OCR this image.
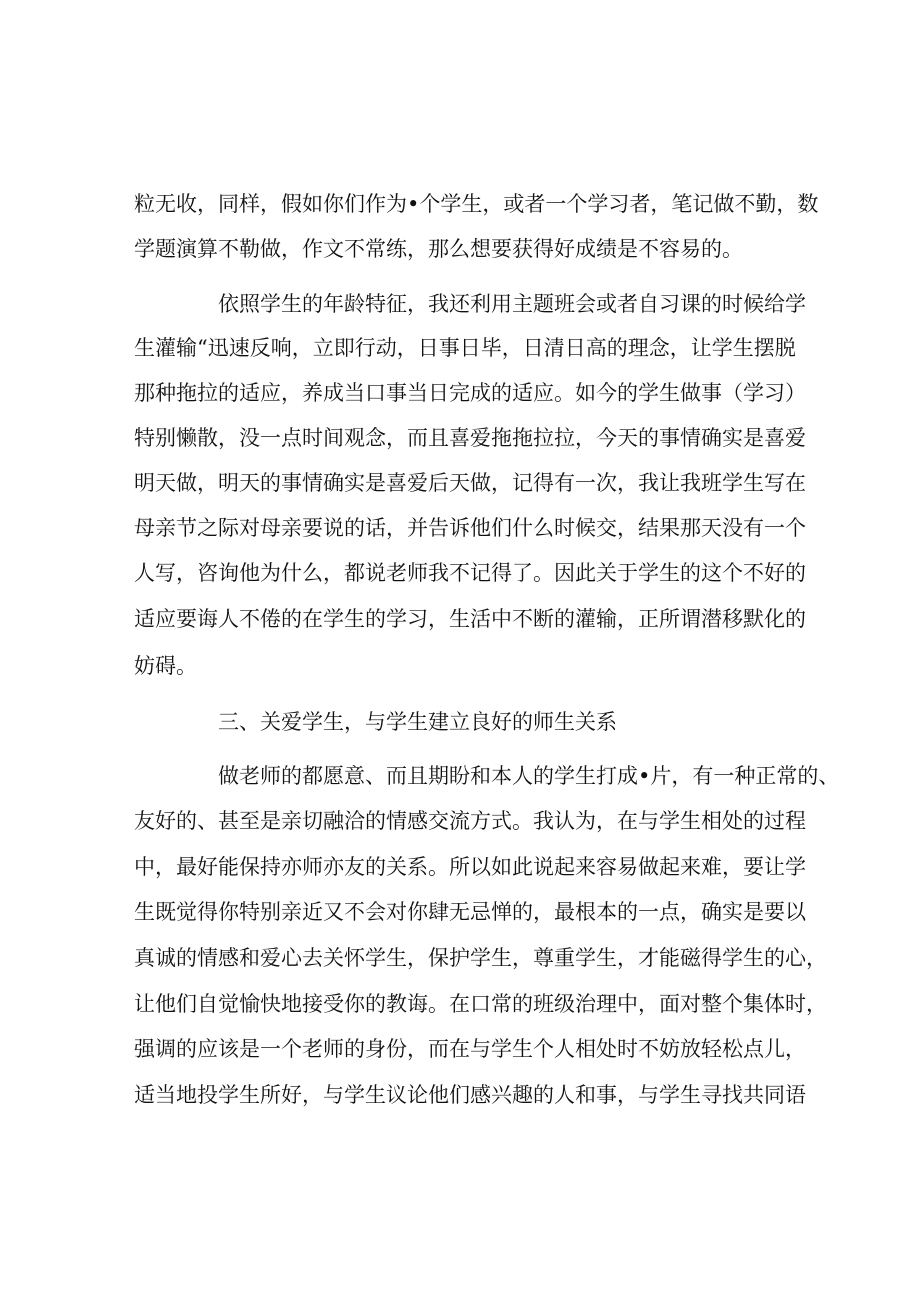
粒无收，同样，假如你们作为•个学生，或者一个学习者，笔记做不勤，数
学题演算不勒做，作文不常练，那么想要获得好成绩是不容易的。
依照学生的年龄特征，我还利用主题班会或者自习课的时候给学
生灌输“迅速反响，立即行动，日事日毕，日清日高的理念，让学生摆脱
那种拖拉的适应，养成当口事当日完成的适应。如今的学生做事（学习）
特别懒散，没一点时间观念，而且喜爱拖拖拉拉，今天的事情确实是喜爱
明天做，明天的事情确实是喜爱后天做，记得有一次，我让我班学生写在
母亲节之际对母亲要说的话，并告诉他们什么时候交，结果那天没有一个
人写，咨询他为什么，都说老师我不记得了。因此关于学生的这个不好的
适应要诲人不倦的在学生的学习，生活中不断的灌输，正所谓潜移默化的
妨碍。
三、关爱学生，与学生建立良好的师生关系
做老师的都愿意、而且期盼和本人的学生打成•片，有一种正常的、
友好的、甚至是亲切融洽的情感交流方式。我认为，在与学生相处的过程
中，最好能保持亦师亦友的关系。所以如此说起来容易做起来难，要让学
生既觉得你特别亲近又不会对你肆无忌惮的，最根本的一点，确实是要以
真诚的情感和爱心去关怀学生，保护学生，尊重学生，才能磁得学生的心，
让他们自觉愉快地接受你的教诲。在口常的班级治理中，面对整个集体时，
强调的应该是一个老师的身份，而在与学生个人相处时不妨放轻松点儿，
适当地投学生所好，与学生议论他们感兴趣的人和事，与学生寻找共同语
